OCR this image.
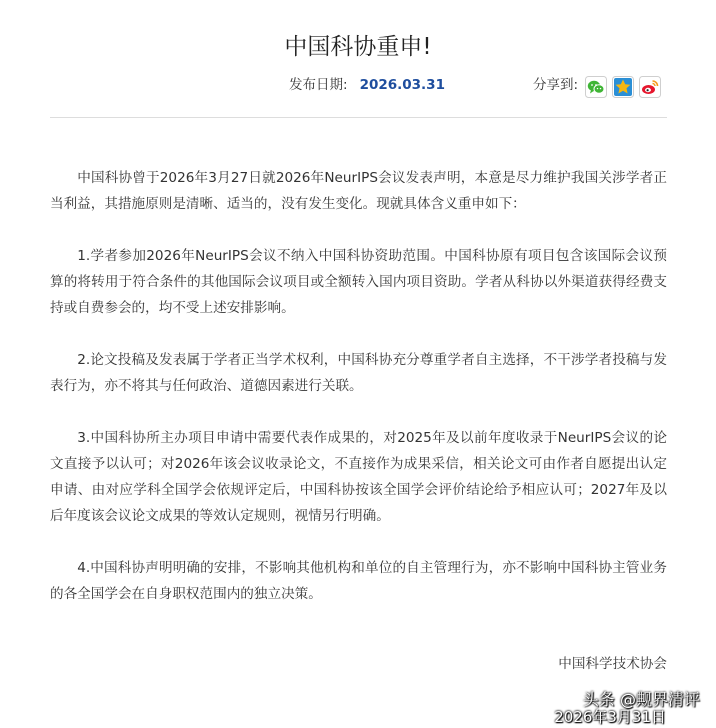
中国科协重申!
发布日期: 2026.03.31	分享到:

中国科协曾于2026年3月27日就2026年NeurIPS会议发表声明，本意是尽力维护我国关涉学者正当利益，其措施原则是清晰、适当的，没有发生变化。现就具体含义重申如下：

1.学者参加2026年NeurIPS会议不纳入中国科协资助范围。中国科协原有项目包含该国际会议预算的将转用于符合条件的其他国际会议项目或全额转入国内项目资助。学者从科协以外渠道获得经费支持或自费参会的，均不受上述安排影响。

2.论文投稿及发表属于学者正当学术权利，中国科协充分尊重学者自主选择，不干涉学者投稿与发表行为，亦不将其与任何政治、道德因素进行关联。

3.中国科协所主办项目申请中需要代表作成果的，对2025年及以前年度收录于NeurIPS会议的论文直接予以认可；对2026年该会议收录论文，不直接作为成果采信，相关论文可由作者自愿提出认定申请、由对应学科全国学会依规评定后，中国科协按该全国学会评价结论给予相应认可；2027年及以后年度该会议论文成果的等效认定规则，视情另行明确。

4.中国科协声明明确的安排，不影响其他机构和单位的自主管理行为，亦不影响中国科协主管业务的各全国学会在自身职权范围内的独立决策。

中国科学技术协会
头条 @觍界清评
2026年3月31日
